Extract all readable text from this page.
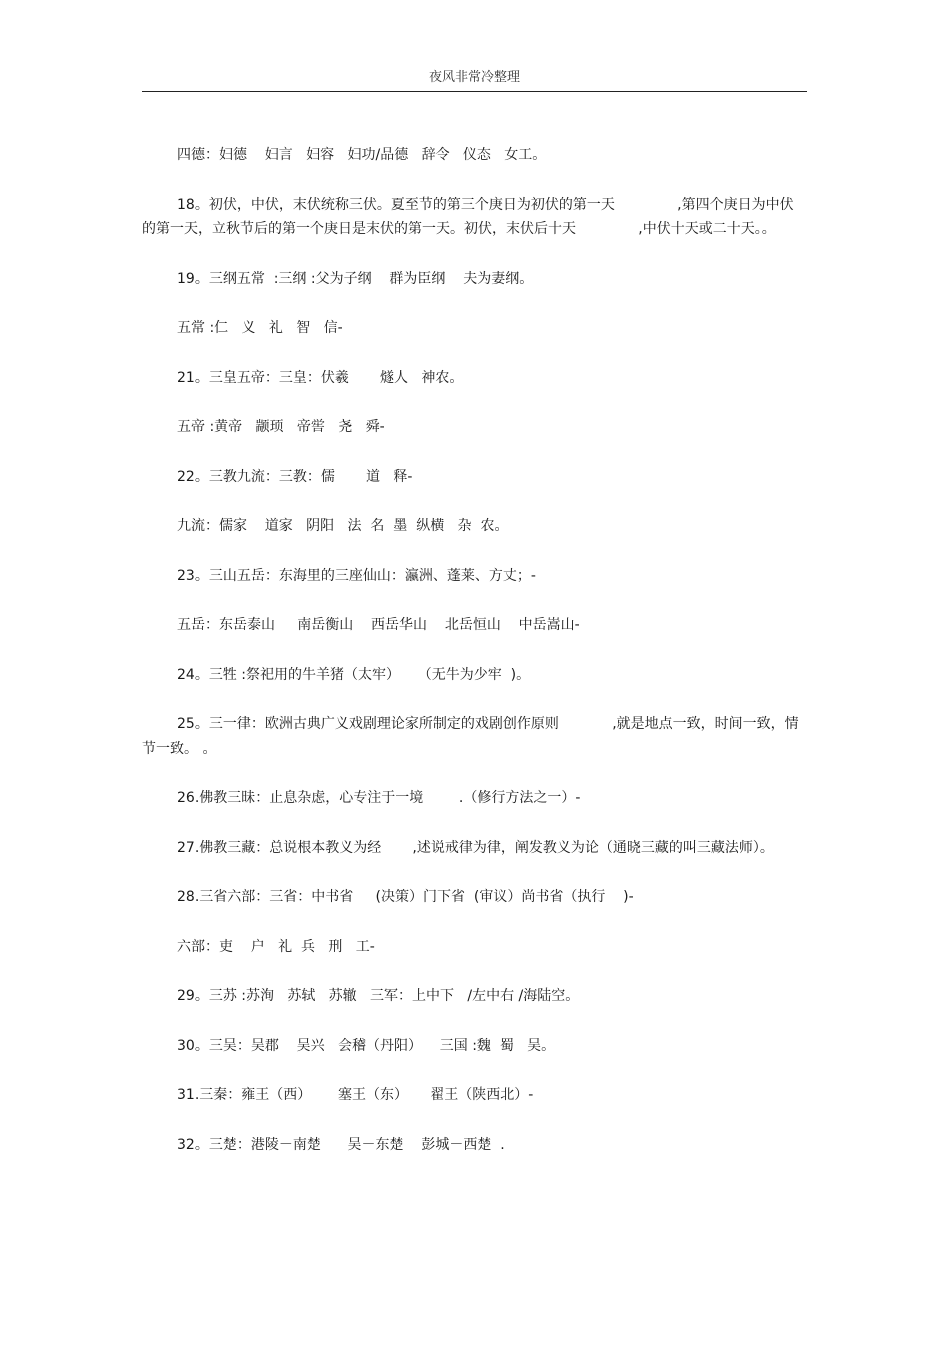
夜风非常冷整理

四德：妇德    妇言   妇容   妇功/品德   辞令   仪态   女工。

18。初伏，中伏，末伏统称三伏。夏至节的第三个庚日为初伏的第一天              ,第四个庚日为中伏的第一天，立秋节后的第一个庚日是末伏的第一天。初伏，末伏后十天              ,中伏十天或二十天。。

19。三纲五常  :三纲 :父为子纲    群为臣纲    夫为妻纲。

五常 :仁   义   礼   智   信-

21。三皇五帝：三皇：伏羲       燧人   神农。

五帝 :黄帝   颛顼   帝喾   尧   舜-

22。三教九流：三教：儒       道   释-

九流：儒家    道家   阴阳   法  名  墨  纵横   杂  农。

23。三山五岳：东海里的三座仙山：瀛洲、蓬莱、方丈；-

五岳：东岳泰山     南岳衡山    西岳华山    北岳恒山    中岳嵩山-

24。三牲 :祭祀用的牛羊猪（太牢）    （无牛为少牢  )。

25。三一律：欧洲古典广义戏剧理论家所制定的戏剧创作原则            ,就是地点一致，时间一致，情节一致。 。

26.佛教三昧：止息杂虑，心专注于一境        .（修行方法之一）-

27.佛教三藏：总说根本教义为经       ,述说戒律为律，阐发教义为论（通晓三藏的叫三藏法师）。

28.三省六部：三省：中书省     (决策）门下省  (审议）尚书省（执行    )-

六部：吏    户   礼  兵   刑   工-

29。三苏 :苏洵   苏轼   苏辙   三军：上中下   /左中右 /海陆空。

30。三吴：吴郡    吴兴   会稽（丹阳）    三国 :魏  蜀   吴。

31.三秦：雍王（西）      塞王（东）     翟王（陕西北）-

32。三楚：港陵－南楚      吴－东楚    彭城－西楚  .
